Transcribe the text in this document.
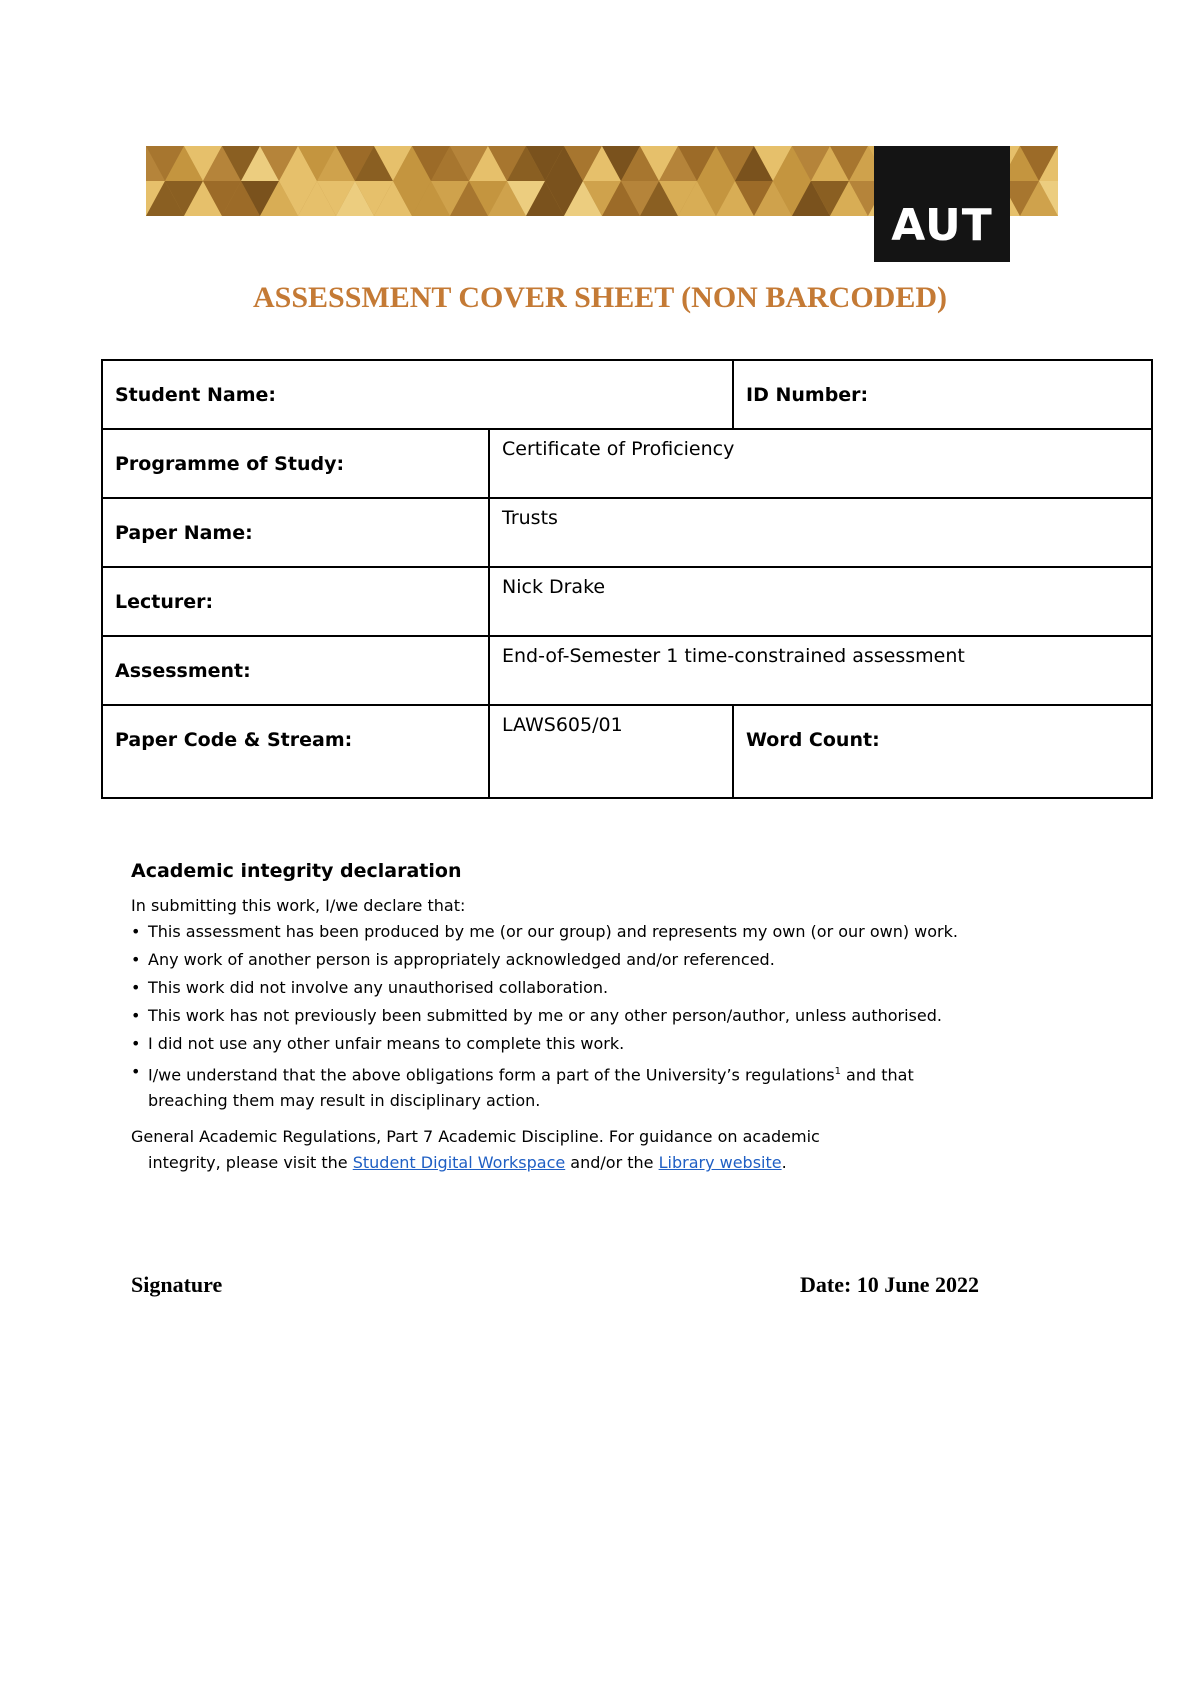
AUT
ASSESSMENT COVER SHEET (NON BARCODED)
Student Name:		ID Number:
Programme of Study:	Certificate of Proficiency	
Paper Name:	Trusts	
Lecturer:	Nick Drake	
Assessment:	End-of-Semester 1 time-constrained assessment	
Paper Code & Stream:	LAWS605/01	Word Count:

Academic integrity declaration

In submitting this work, I/we declare that:

• This assessment has been produced by me (or our group) and represents my own (or our own) work.
• Any work of another person is appropriately acknowledged and/or referenced.
• This work did not involve any unauthorised collaboration.
• This work has not previously been submitted by me or any other person/author, unless authorised.
• I did not use any other unfair means to complete this work.
• I/we understand that the above obligations form a part of the University’s regulations$^1$ and that breaching them may result in disciplinary action.

General Academic Regulations, Part 7 Academic Discipline. For guidance on academic
integrity, please visit the Student Digital Workspace and/or the Library website.

Signature	Date: 10 June 2022
